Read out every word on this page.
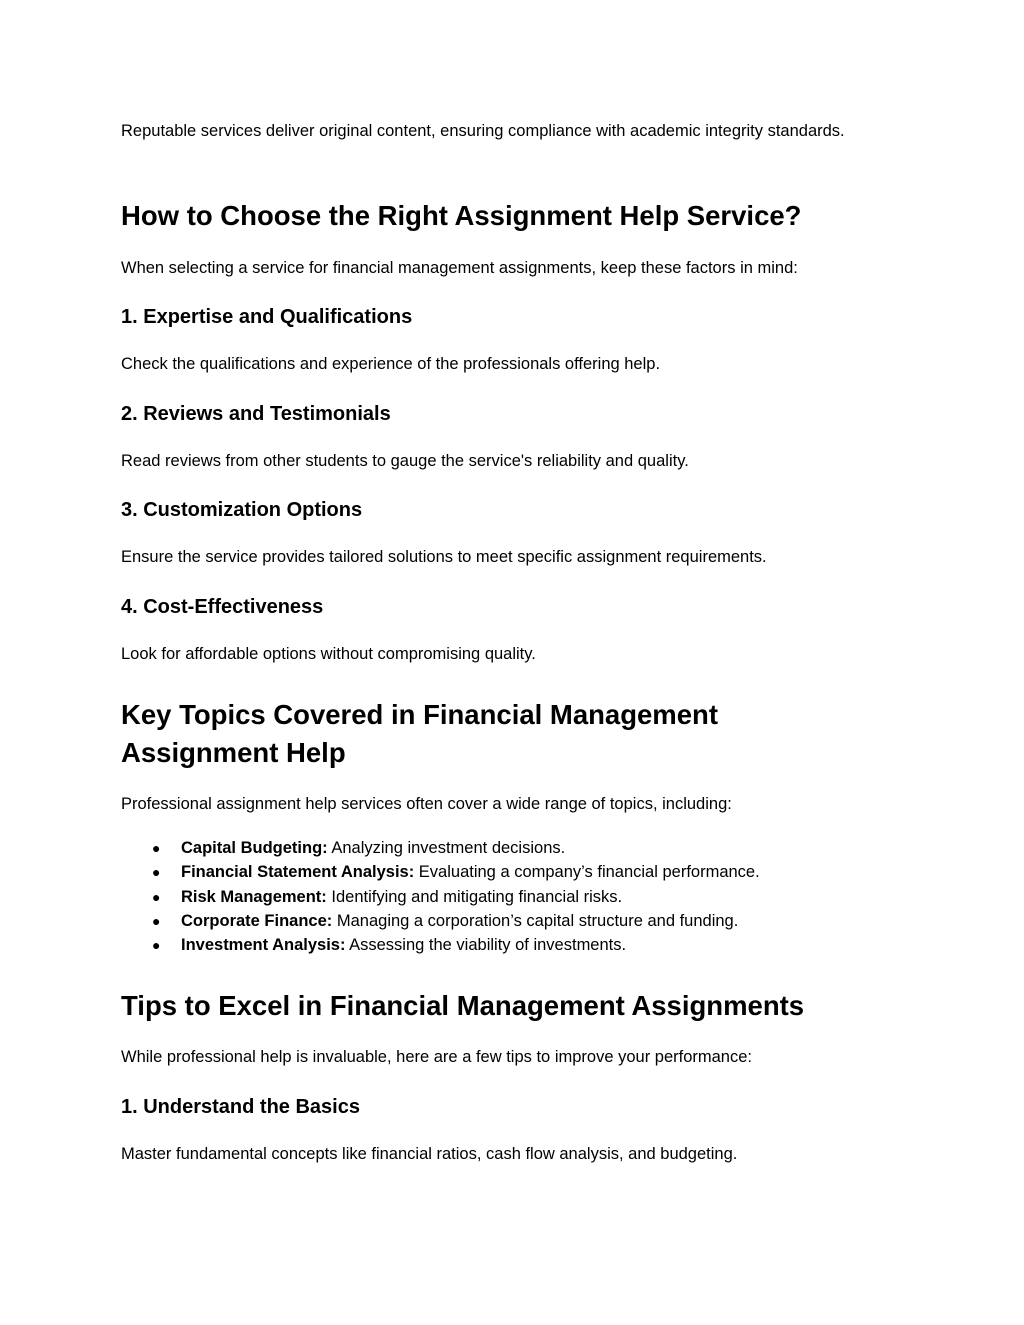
Reputable services deliver original content, ensuring compliance with academic integrity standards.

How to Choose the Right Assignment Help Service?

When selecting a service for financial management assignments, keep these factors in mind:

1. Expertise and Qualifications

Check the qualifications and experience of the professionals offering help.

2. Reviews and Testimonials

Read reviews from other students to gauge the service's reliability and quality.

3. Customization Options

Ensure the service provides tailored solutions to meet specific assignment requirements.

4. Cost-Effectiveness

Look for affordable options without compromising quality.

Key Topics Covered in Financial Management Assignment Help

Professional assignment help services often cover a wide range of topics, including:

● Capital Budgeting: Analyzing investment decisions.
● Financial Statement Analysis: Evaluating a company’s financial performance.
● Risk Management: Identifying and mitigating financial risks.
● Corporate Finance: Managing a corporation’s capital structure and funding.
● Investment Analysis: Assessing the viability of investments.
Tips to Excel in Financial Management Assignments

While professional help is invaluable, here are a few tips to improve your performance:

1. Understand the Basics

Master fundamental concepts like financial ratios, cash flow analysis, and budgeting.
